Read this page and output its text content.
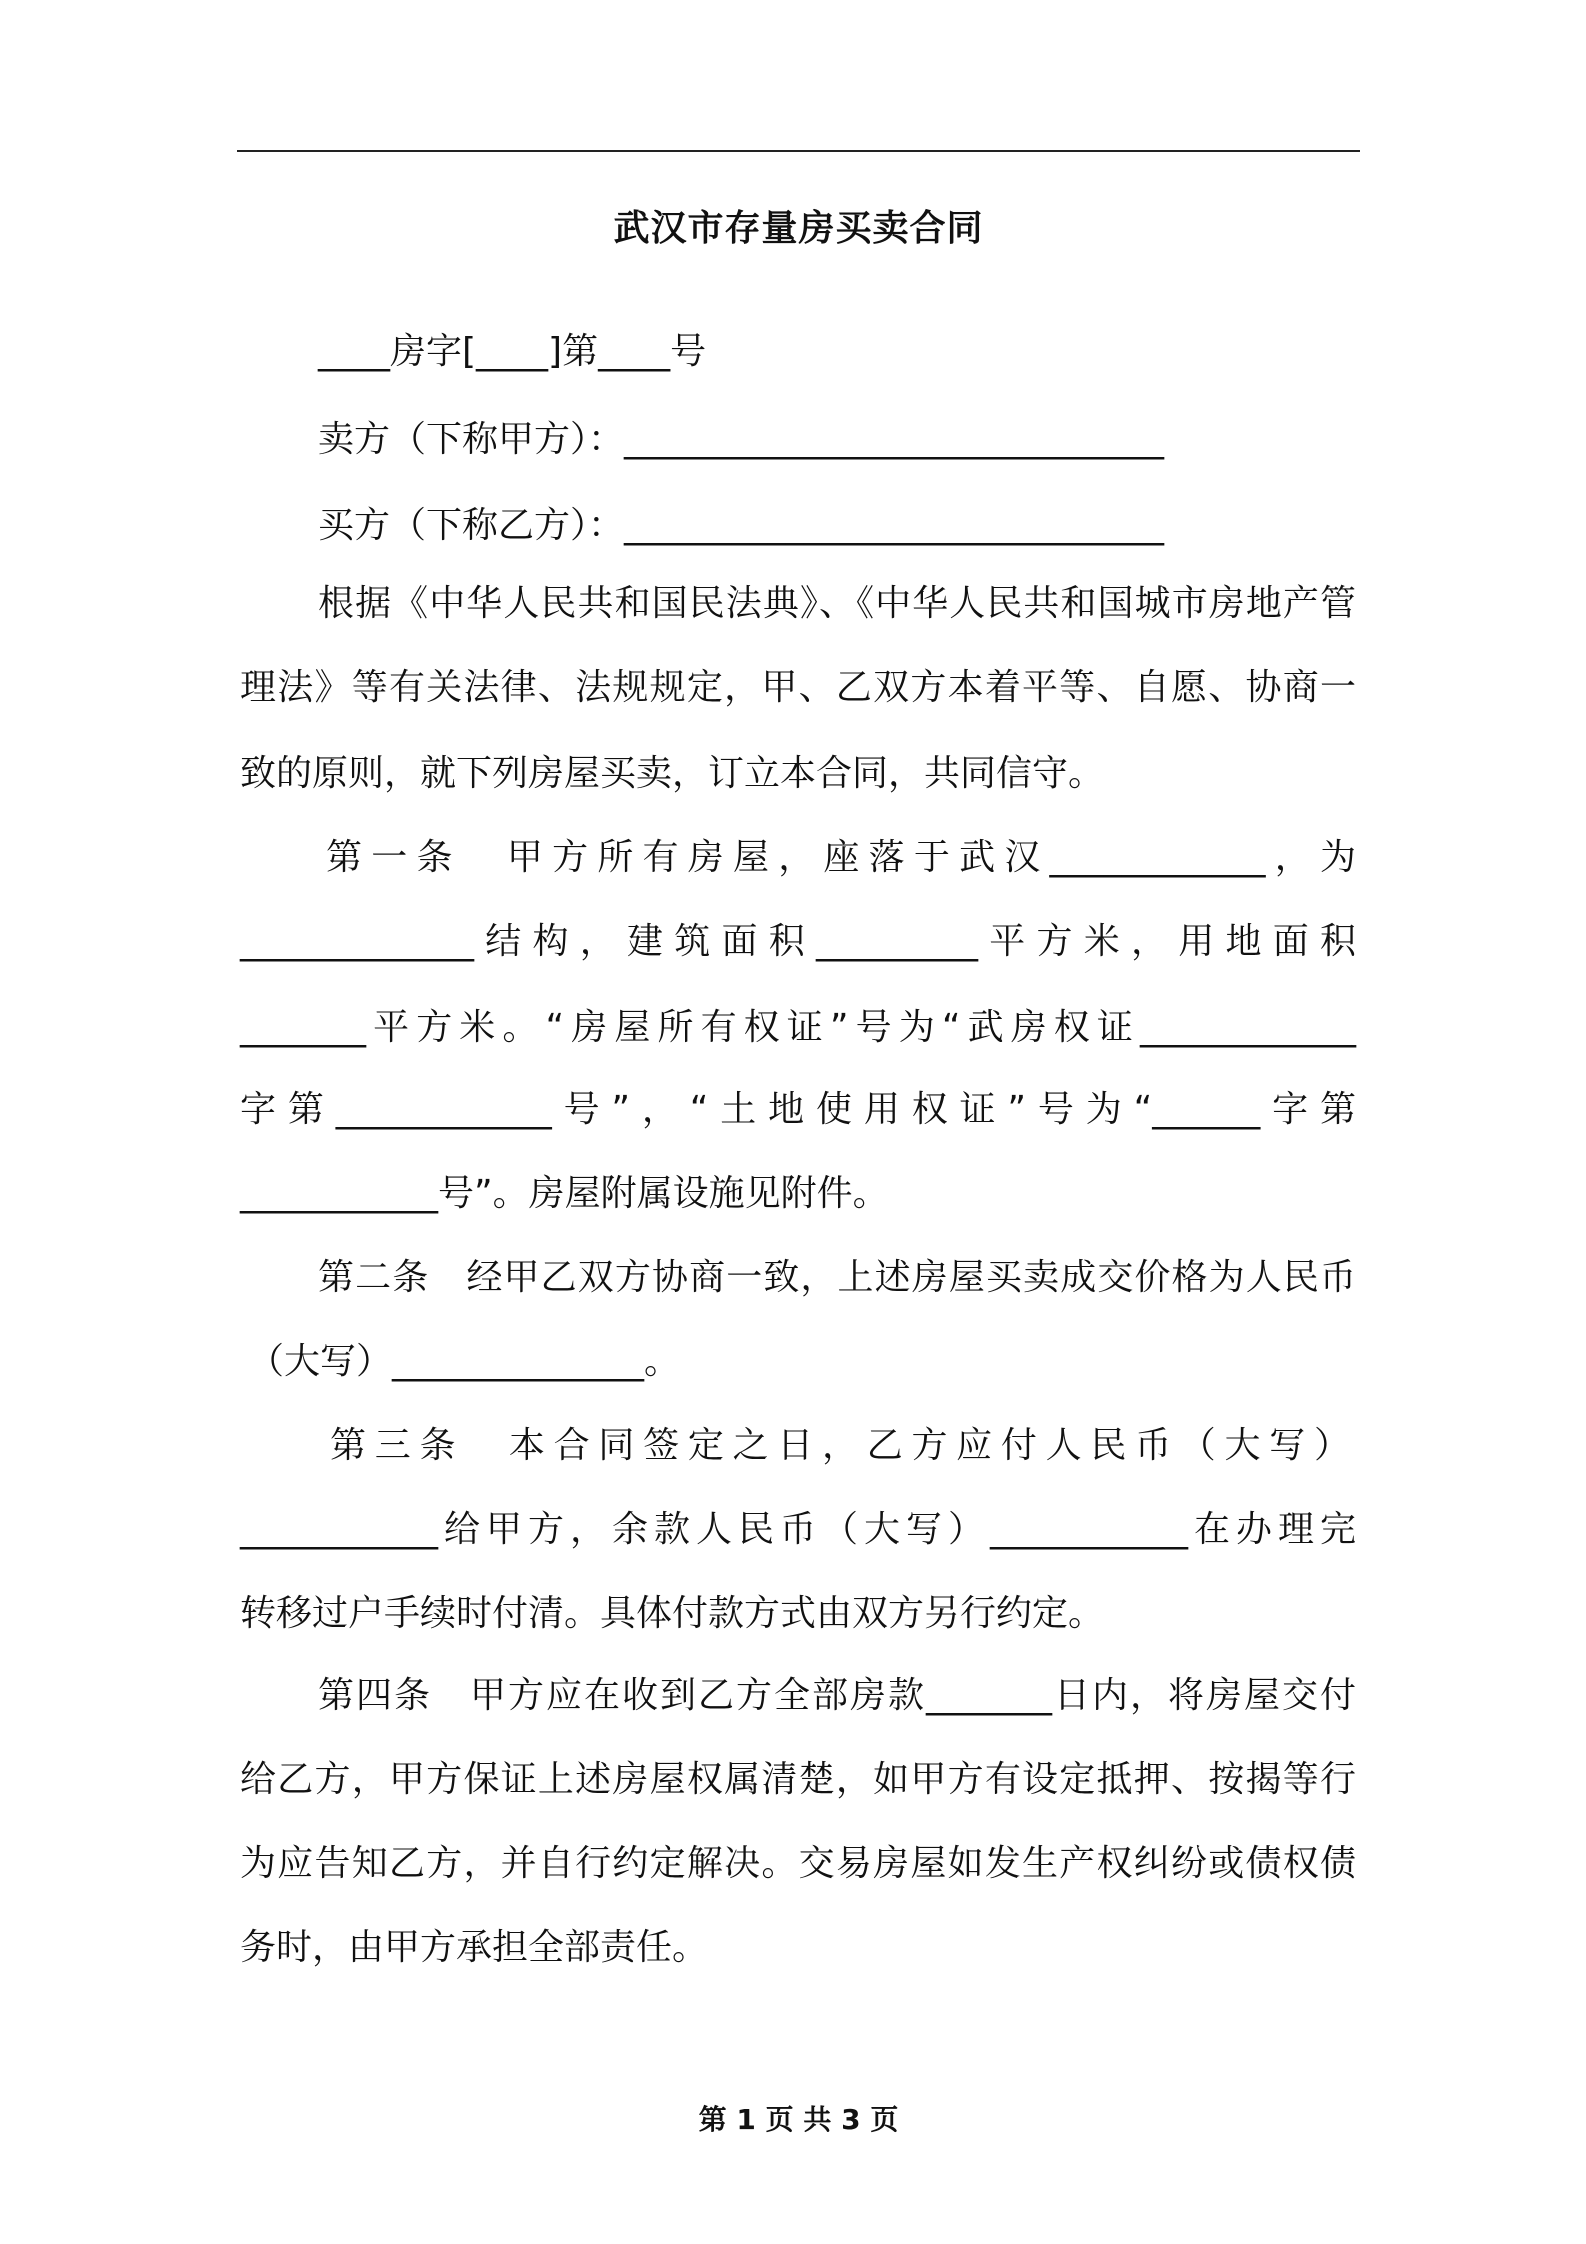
武汉市存量房买卖合同
____房字[____]第____号
卖方（下称甲方）：______________________________
买方（下称乙方）：______________________________
根据《中华人民共和国民法典》、《中华人民共和国城市房地产管
理法》等有关法律、法规规定，甲、乙双方本着平等、自愿、协商一
致的原则，就下列房屋买卖，订立本合同，共同信守。
第一条　甲方所有房屋，座落于武汉____________，为
_____________结构，建筑面积_________平方米，用地面积
_______平方米。“房屋所有权证”号为“武房权证____________
字第____________号”，“土地使用权证”号为“______字第
___________号”。房屋附属设施见附件。
第二条　经甲乙双方协商一致，上述房屋买卖成交价格为人民币
（大写）______________。
第三条　本合同签定之日，乙方应付人民币（大写）
___________给甲方，余款人民币（大写）___________在办理完
转移过户手续时付清。具体付款方式由双方另行约定。
第四条　甲方应在收到乙方全部房款_______日内，将房屋交付
给乙方，甲方保证上述房屋权属清楚，如甲方有设定抵押、按揭等行
为应告知乙方，并自行约定解决。交易房屋如发生产权纠纷或债权债
务时，由甲方承担全部责任。
第 1 页 共 3 页
